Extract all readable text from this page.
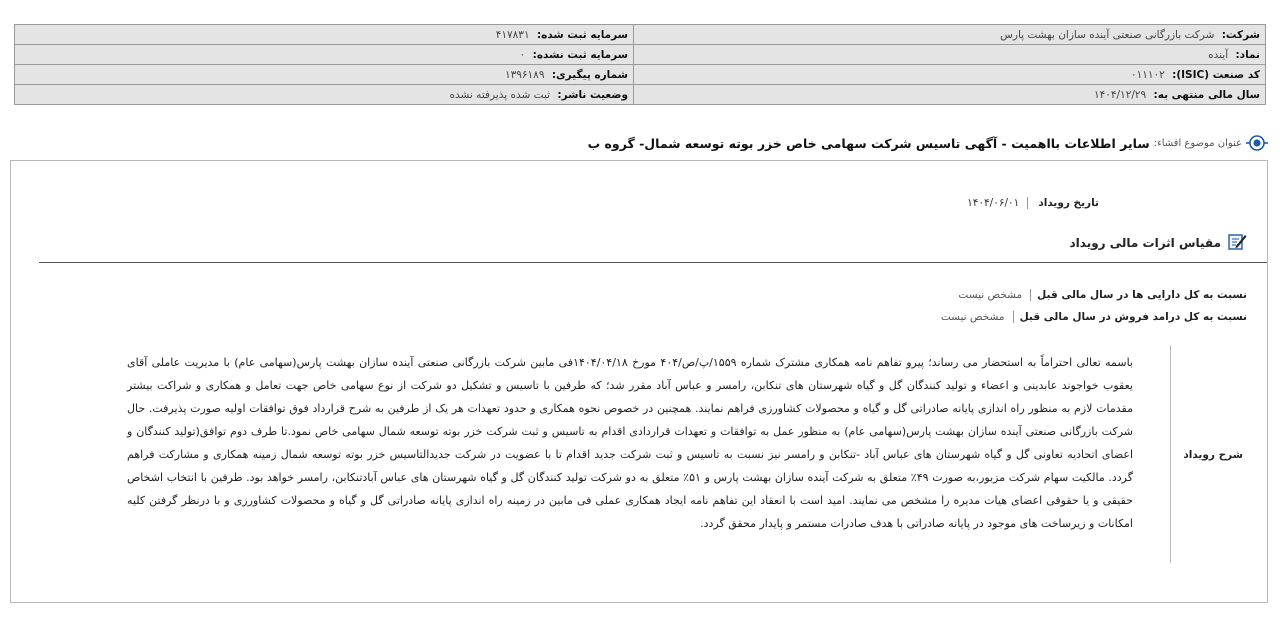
شرکت: شرکت بازرگانی صنعتی آینده سازان بهشت پارس	سرمایه ثبت شده: ۴۱۷۸۳۱
نماد: آینده	سرمایه ثبت نشده: ۰
کد صنعت (ISIC): ۰۱۱۱۰۲	شماره پیگیری: ۱۳۹۶۱۸۹
سال مالی منتهی به: ۱۴۰۴/۱۲/۲۹	وضعیت ناشر: ثبت شده پذیرفته نشده
عنوان موضوع افشاء:
سایر اطلاعات بااهمیت - آگهی تاسیس شرکت سهامی خاص خزر بوته توسعه شمال- گروه ب
تاریخ رویداد
۱۴۰۴/۰۶/۰۱
مقیاس اثرات مالی رویداد
نسبت به کل دارایی ها در سال مالی قبل
مشخص نیست
نسبت به کل درامد فروش در سال مالی قبل
مشخص نیست
شرح رویداد
باسمه تعالی احتراماً به استحضار می رساند؛ پیرو تفاهم نامه همکاری مشترک شماره ۱۵۵۹/پ/ص/۴۰۴ مورخ ۱۴۰۴/۰۴/۱۸فی مابین شرکت بازرگانی صنعتی آینده سازان بهشت پارس(سهامی عام) با مدیریت عاملی آقای یعقوب خواجوند عابدینی و اعضاء و تولید کنندگان گل و گیاه شهرستان های تنکابن، رامسر و عباس آباد مقرر شد؛ که طرفین با تاسیس و تشکیل دو شرکت از نوع سهامی خاص جهت تعامل و همکاری و شراکت بیشتر مقدمات لازم به منظور راه اندازی پایانه صادراتی گل و گیاه و محصولات کشاورزی فراهم نمایند. همچنین در خصوص نحوه همکاری و حدود تعهدات هر یک از طرفین به شرح قرارداد فوق توافقات اولیه صورت پذیرفت. حال شرکت بازرگانی صنعتی آینده سازان بهشت پارس(سهامی عام) به منظور عمل به توافقات و تعهدات قراردادی اقدام به تاسیس و ثبت شرکت خزر بوته توسعه شمال سهامی خاص نمود.تا طرف دوم توافق(تولید کنندگان و اعضای اتحادیه تعاونی گل و گیاه شهرستان های عباس آباد -تنکابن و رامسر نیز نسبت به تاسیس و ثبت شرکت جدید اقدام تا با عضویت در شرکت جدیدالتاسیس خزر بوته توسعه شمال زمینه همکاری و مشارکت فراهم گردد. مالکیت سهام شرکت مزبور،به صورت ۴۹٪ متعلق به شرکت آینده سازان بهشت پارس و ۵۱٪ متعلق به دو شرکت تولید کنندگان گل و گیاه شهرستان های عباس آبادتنکابن، رامسر خواهد بود. طرفین با انتخاب اشخاص حقیقی و یا حقوقی اعضای هیات مدیره را مشخص می نمایند. امید است با انعقاد این تفاهم نامه ایجاد همکاری عملی فی مابین در زمینه راه اندازی پایانه صادراتی گل و گیاه و محصولات کشاورزی و با درنظر گرفتن کلیه امکانات و زیرساخت های موجود در پایانه صادراتی با هدف صادرات مستمر و پایدار محقق گردد.
